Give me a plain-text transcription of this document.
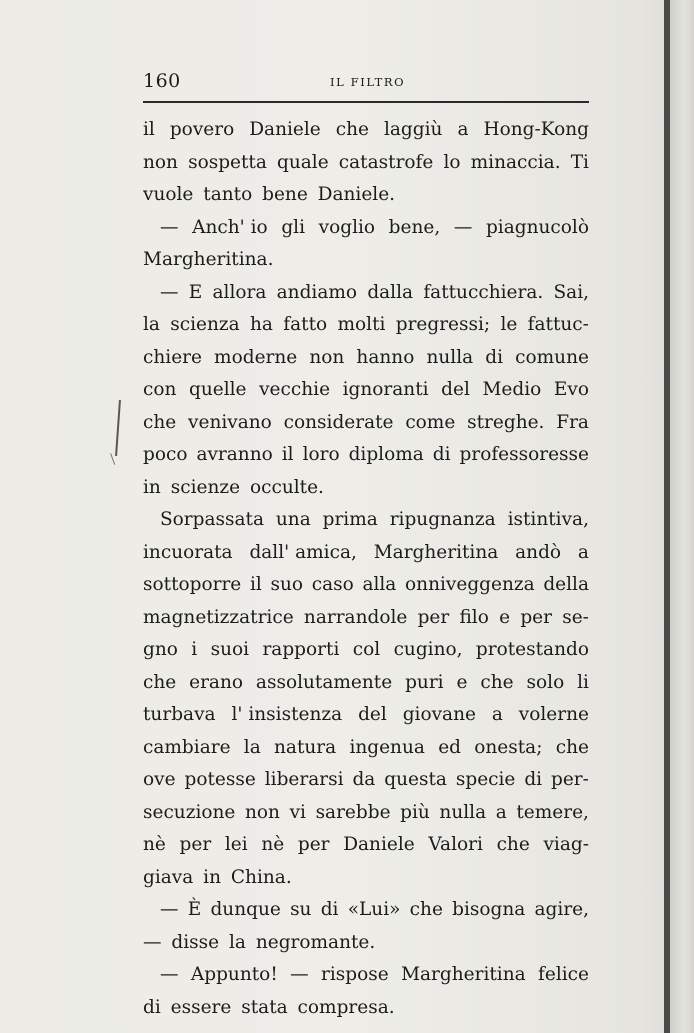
160	IL FILTRO
il povero Daniele che laggiù a Hong-Kong
non sospetta quale catastrofe lo minaccia. Ti
vuole
tanto
bene
Daniele.
— Anch' io gli voglio bene, — piagnucolò
Margheritina.
— E allora andiamo dalla fattucchiera. Sai,
la scienza ha fatto molti pregressi; le fattuc-
chiere moderne non hanno nulla di comune
con quelle vecchie ignoranti del Medio Evo
che venivano considerate come streghe. Fra
poco avranno il loro diploma di professoresse
in
scienze
occulte.
Sorpassata una prima ripugnanza istintiva,
incuorata dall' amica, Margheritina andò a
sottoporre il suo caso alla onniveggenza della
magnetizzatrice narrandole per filo e per se-
gno i suoi rapporti col cugino, protestando
che erano assolutamente puri e che solo li
turbava l' insistenza del giovane a volerne
cambiare la natura ingenua ed onesta; che
ove potesse liberarsi da questa specie di per-
secuzione non vi sarebbe più nulla a temere,
nè per lei nè per Daniele Valori che viag-
giava
in
China.
— È dunque su di «Lui» che bisogna agire,
—
disse
la
negromante.
— Appunto! — rispose Margheritina felice
di
essere
stata
compresa.
